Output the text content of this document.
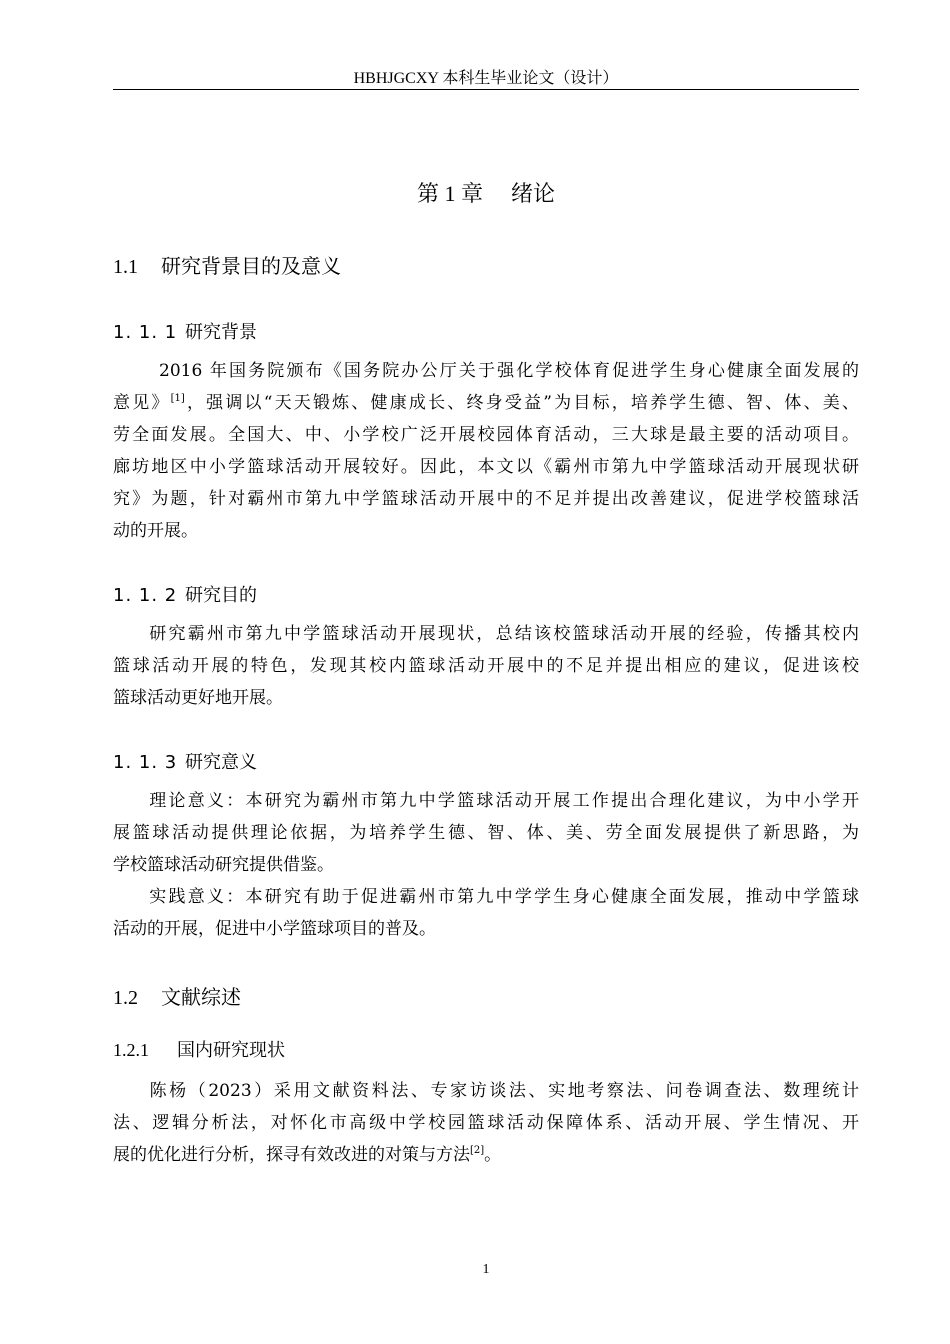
HBHJGCXY 本科生毕业论文（设计）
第 1 章 绪论
1.1 研究背景目的及意义
1. 1. 1 研究背景
2016 年国务院颁布《国务院办公厅关于强化学校体育促进学生身心健康全面发展的
意见》[1]，强调以“天天锻炼、健康成长、终身受益”为目标，培养学生德、智、体、美、
劳全面发展。全国大、中、小学校广泛开展校园体育活动，三大球是最主要的活动项目。
廊坊地区中小学篮球活动开展较好。因此，本文以《霸州市第九中学篮球活动开展现状研
究》为题，针对霸州市第九中学篮球活动开展中的不足并提出改善建议，促进学校篮球活
动的开展。
1. 1. 2 研究目的
研究霸州市第九中学篮球活动开展现状，总结该校篮球活动开展的经验，传播其校内
篮球活动开展的特色，发现其校内篮球活动开展中的不足并提出相应的建议，促进该校
篮球活动更好地开展。
1. 1. 3 研究意义
理论意义：本研究为霸州市第九中学篮球活动开展工作提出合理化建议，为中小学开
展篮球活动提供理论依据，为培养学生德、智、体、美、劳全面发展提供了新思路，为
学校篮球活动研究提供借鉴。
实践意义：本研究有助于促进霸州市第九中学学生身心健康全面发展，推动中学篮球
活动的开展，促进中小学篮球项目的普及。
1.2 文献综述
1.2.1 国内研究现状
陈杨（2023）采用文献资料法、专家访谈法、实地考察法、问卷调查法、数理统计
法、逻辑分析法，对怀化市高级中学校园篮球活动保障体系、活动开展、学生情况、开
展的优化进行分析，探寻有效改进的对策与方法[2]。
1
